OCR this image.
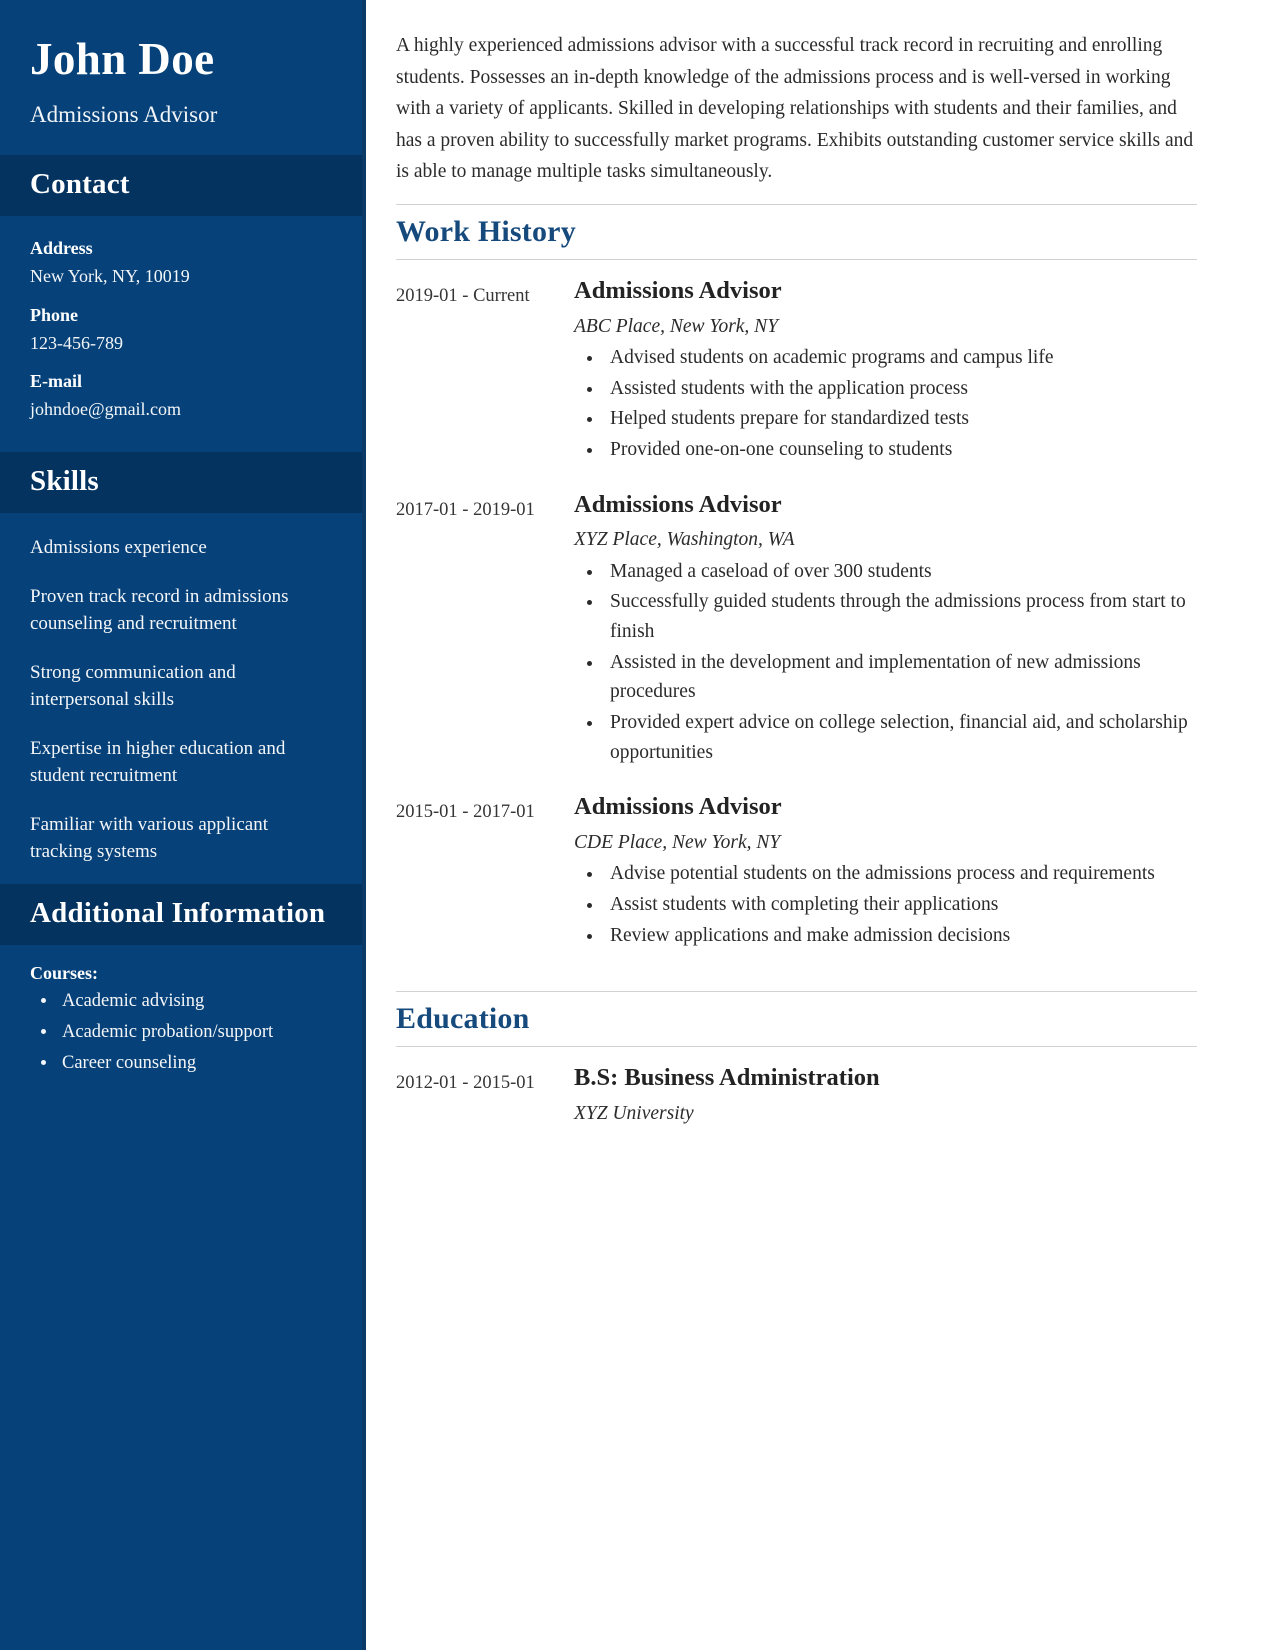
John Doe

Admissions Advisor

Contact

Address

New York, NY, 10019

Phone

123-456-789

E-mail

johndoe@gmail.com

Skills

Admissions experience

Proven track record in admissions counseling and recruitment

Strong communication and interpersonal skills

Expertise in higher education and student recruitment

Familiar with various applicant tracking systems

Additional Information

Courses:

• Academic advising
• Academic probation/support
• Career counseling

A highly experienced admissions advisor with a successful track record in recruiting and enrolling students. Possesses an in-depth knowledge of the admissions process and is well-versed in working with a variety of applicants. Skilled in developing relationships with students and their families, and has a proven ability to successfully market programs. Exhibits outstanding customer service skills and is able to manage multiple tasks simultaneously.

Work History
2019-01 - Current	Admissions Advisor

ABC Place, New York, NY

• Advised students on academic programs and campus life
• Assisted students with the application process
• Helped students prepare for standardized tests
• Provided one-on-one counseling to students
2017-01 - 2019-01	Admissions Advisor

XYZ Place, Washington, WA

• Managed a caseload of over 300 students
• Successfully guided students through the admissions process from start to finish
• Assisted in the development and implementation of new admissions procedures
• Provided expert advice on college selection, financial aid, and scholarship opportunities
2015-01 - 2017-01	Admissions Advisor

CDE Place, New York, NY

• Advise potential students on the admissions process and requirements
• Assist students with completing their applications
• Review applications and make admission decisions
Education
2012-01 - 2015-01	B.S: Business Administration

XYZ University
